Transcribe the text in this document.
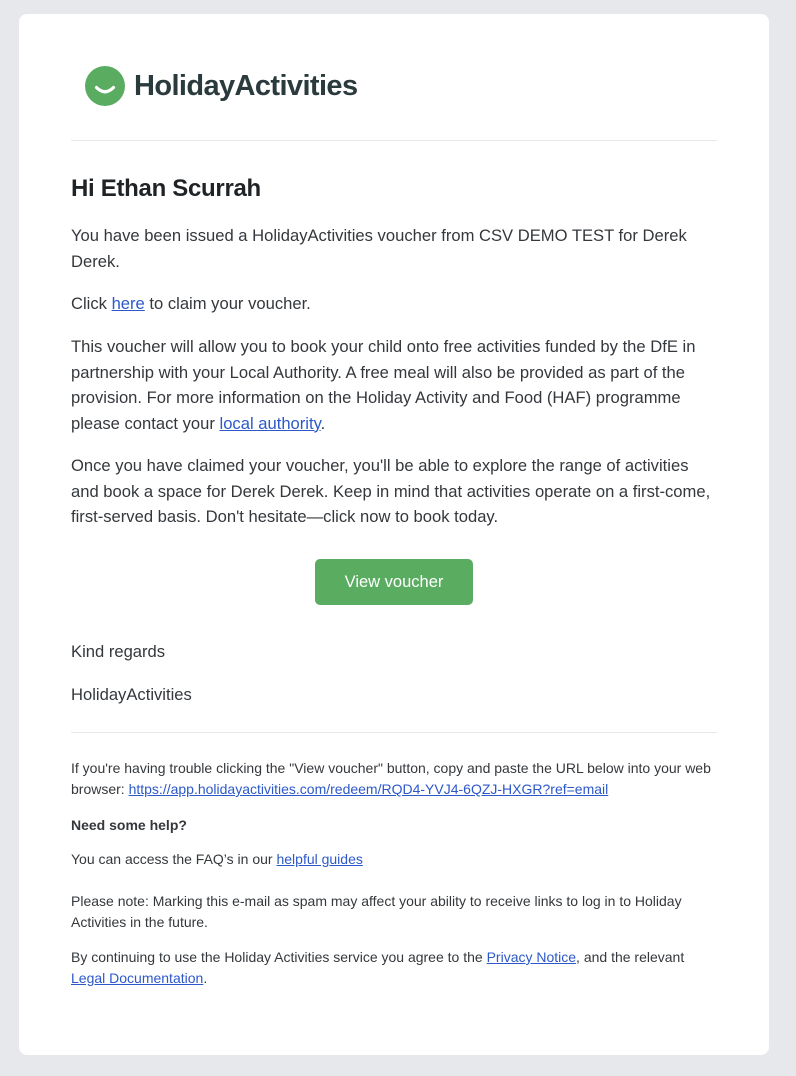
HolidayActivities
Hi Ethan Scurrah

You have been issued a HolidayActivities voucher from CSV DEMO TEST for Derek Derek.

Click here to claim your voucher.

This voucher will allow you to book your child onto free activities funded by the DfE in partnership with your Local Authority. A free meal will also be provided as part of the provision. For more information on the Holiday Activity and Food (HAF) programme please contact your local authority.

Once you have claimed your voucher, you'll be able to explore the range of activities and book a space for Derek Derek. Keep in mind that activities operate on a first-come, first-served basis. Don't hesitate—click now to book today.

View voucher

Kind regards

HolidayActivities

If you're having trouble clicking the "View voucher" button, copy and paste the URL below into your web browser: https://app.holidayactivities.com/redeem/RQD4-YVJ4-6QZJ-HXGR?ref=email

Need some help?

You can access the FAQ’s in our helpful guides

Please note: Marking this e-mail as spam may affect your ability to receive links to log in to Holiday Activities in the future.

By continuing to use the Holiday Activities service you agree to the Privacy Notice, and the relevant Legal Documentation.
